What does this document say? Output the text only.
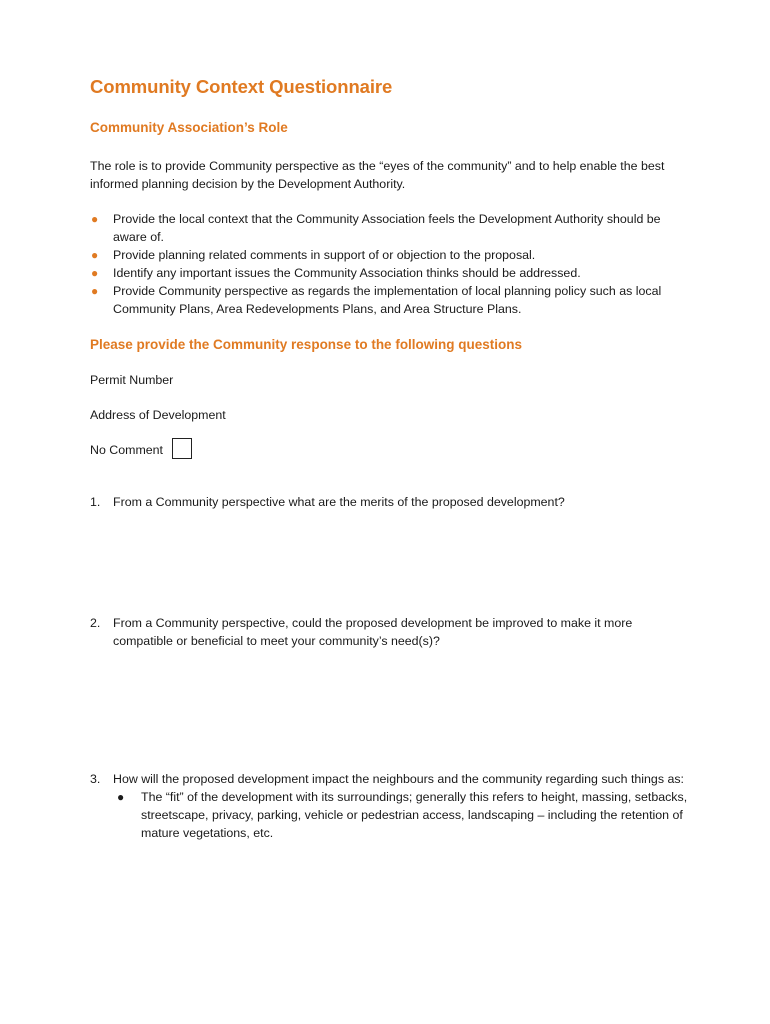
Community Context Questionnaire
Community Association’s Role

The role is to provide Community perspective as the “eyes of the community” and to help enable the best informed planning decision by the Development Authority.

● Provide the local context that the Community Association feels the Development Authority should be aware of.
● Provide planning related comments in support of or objection to the proposal.
● Identify any important issues the Community Association thinks should be addressed.
● Provide Community perspective as regards the implementation of local planning policy such as local Community Plans, Area Redevelopments Plans, and Area Structure Plans.
Please provide the Community response to the following questions

Permit Number

Address of Development

No Comment

1.	From a Community perspective what are the merits of the proposed development?
2.	From a Community perspective, could the proposed development be improved to make it more compatible or beneficial to meet your community’s need(s)?
3.	How will the proposed development impact the neighbours and the community regarding such things as:
● The “fit” of the development with its surroundings; generally this refers to height, massing, setbacks, streetscape, privacy, parking, vehicle or pedestrian access, landscaping – including the retention of mature vegetations, etc.
